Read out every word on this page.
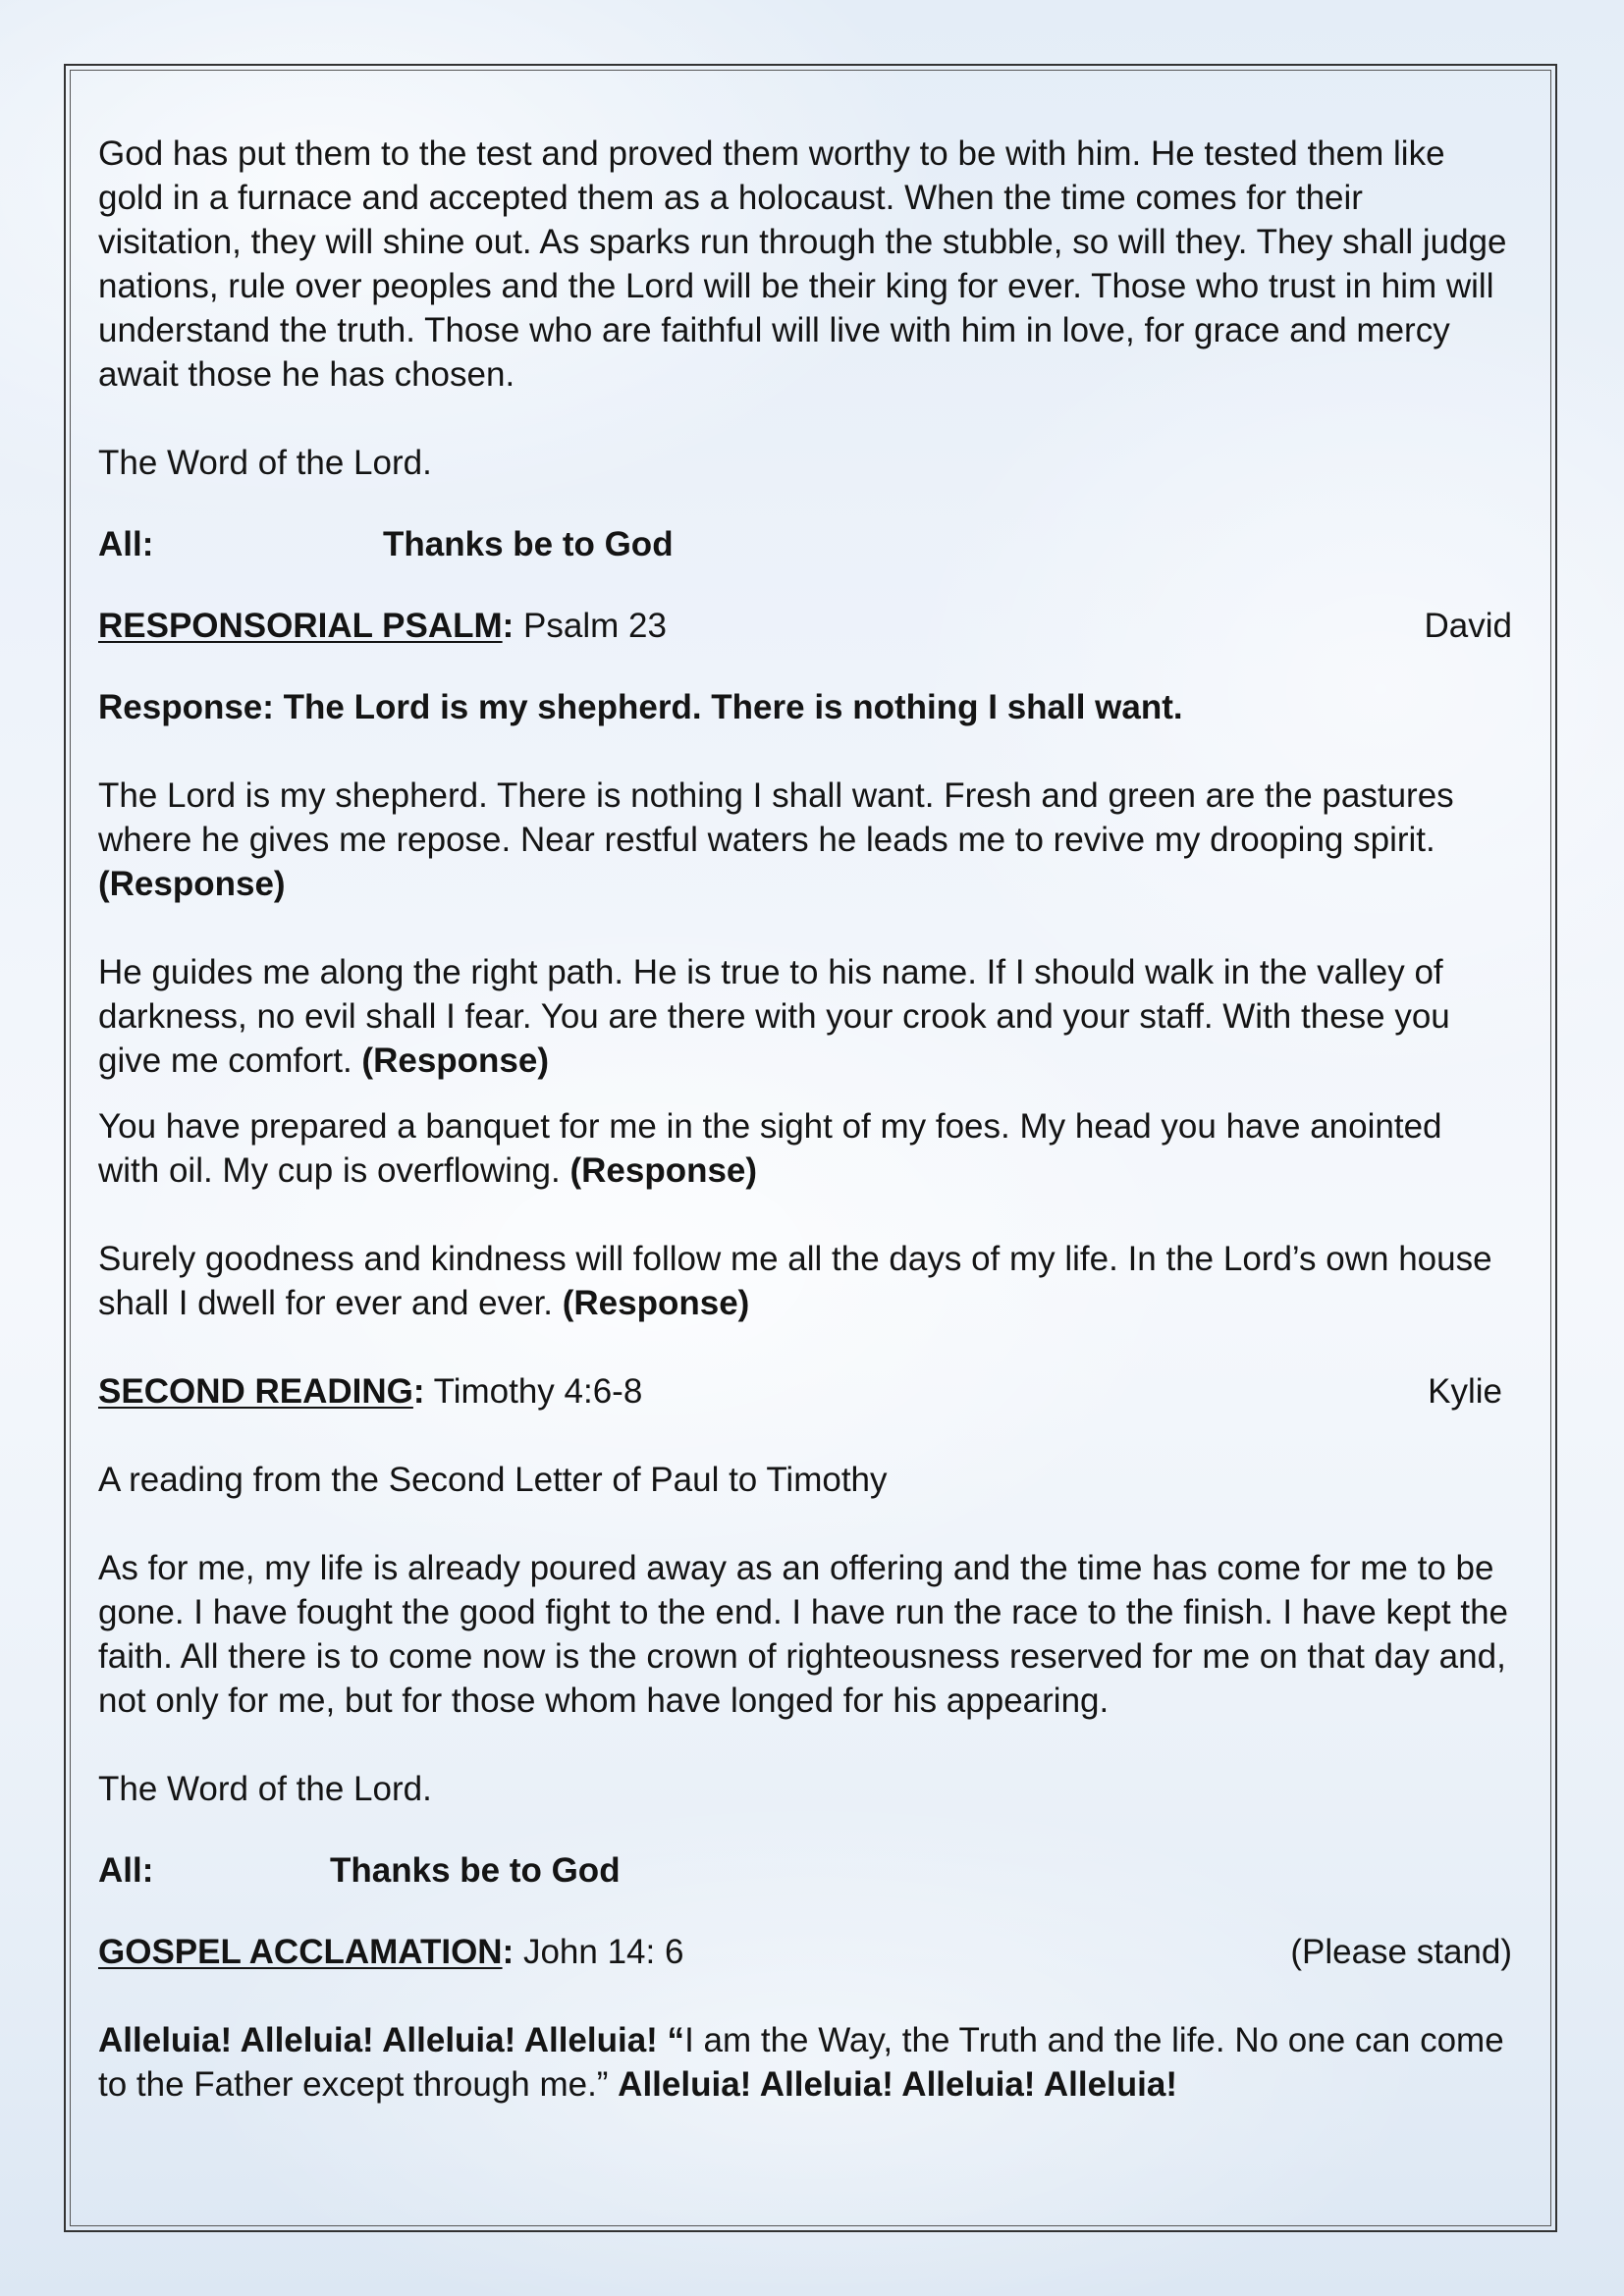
God has put them to the test and proved them worthy to be with him. He tested them like gold in a furnace and accepted them as a holocaust. When the time comes for their visitation, they will shine out. As sparks run through the stubble, so will they. They shall judge nations, rule over peoples and the Lord will be their king for ever. Those who trust in him will understand the truth. Those who are faithful will live with him in love, for grace and mercy await those he has chosen.

The Word of the Lord.

All:	Thanks be to God
RESPONSORIAL PSALM: Psalm 23	David

Response: The Lord is my shepherd. There is nothing I shall want.

The Lord is my shepherd. There is nothing I shall want. Fresh and green are the pastures where he gives me repose. Near restful waters he leads me to revive my drooping spirit. (Response)

He guides me along the right path. He is true to his name. If I should walk in the valley of darkness, no evil shall I fear. You are there with your crook and your staff. With these you give me comfort. (Response)

You have prepared a banquet for me in the sight of my foes. My head you have anointed with oil. My cup is overflowing. (Response)

Surely goodness and kindness will follow me all the days of my life. In the Lord’s own house shall I dwell for ever and ever. (Response)

SECOND READING: Timothy 4:6-8	Kylie

A reading from the Second Letter of Paul to Timothy

As for me, my life is already poured away as an offering and the time has come for me to be gone. I have fought the good fight to the end. I have run the race to the finish. I have kept the faith. All there is to come now is the crown of righteousness reserved for me on that day and, not only for me, but for those whom have longed for his appearing.

The Word of the Lord.

All:	Thanks be to God
GOSPEL ACCLAMATION: John 14: 6	(Please stand)

Alleluia! Alleluia! Alleluia! Alleluia! “I am the Way, the Truth and the life. No one can come to the Father except through me.” Alleluia! Alleluia! Alleluia! Alleluia!
